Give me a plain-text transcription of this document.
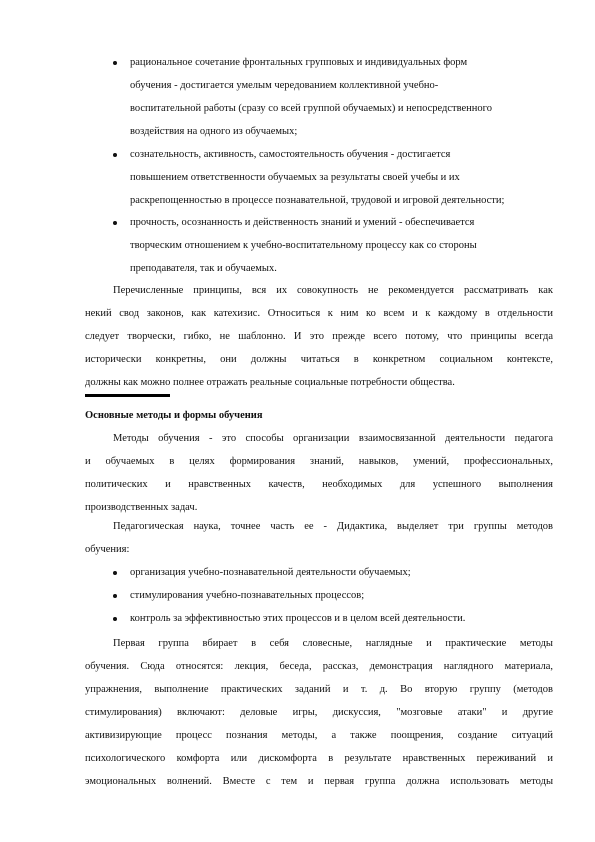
рациональное сочетание фронтальных групповых и индивидуальных форм
обучения - достигается умелым чередованием коллективной учебно-
воспитательной работы (сразу со всей группой обучаемых) и непосредственного
воздействия на одного из обучаемых;
сознательность, активность, самостоятельность обучения - достигается
повышением ответственности обучаемых за результаты своей учебы и их
раскрепощенностью в процессе познавательной, трудовой и игровой деятельности;
прочность, осознанность и действенность знаний и умений - обеспечивается
творческим отношением к учебно-воспитательному процессу как со стороны
преподавателя, так и обучаемых.
Перечисленные принципы, вся их совокупность не рекомендуется рассматривать как
некий свод законов, как катехизис. Относиться к ним ко всем и к каждому в отдельности
следует творчески, гибко, не шаблонно. И это прежде всего потому, что принципы всегда
исторически конкретны, они должны читаться в конкретном социальном контексте,
должны как можно полнее отражать реальные социальные потребности общества.
Основные методы и формы обучения
Методы обучения - это способы организации взаимосвязанной деятельности педагога
и обучаемых в целях формирования знаний, навыков, умений, профессиональных,
политических и нравственных качеств, необходимых для успешного выполнения
производственных задач.
Педагогическая наука, точнее часть ее - Дидактика, выделяет три группы методов
обучения:
организация учебно-познавательной деятельности обучаемых;
стимулирования учебно-познавательных процессов;
контроль за эффективностью этих процессов и в целом всей деятельности.
Первая группа вбирает в себя словесные, наглядные и практические методы
обучения. Сюда относятся: лекция, беседа, рассказ, демонстрация наглядного материала,
упражнения, выполнение практических заданий и т. д. Во вторую группу (методов
стимулирования) включают: деловые игры, дискуссия, "мозговые атаки" и другие
активизирующие процесс познания методы, а также поощрения, создание ситуаций
психологического комфорта или дискомфорта в результате нравственных переживаний и
эмоциональных волнений. Вместе с тем и первая группа должна использовать методы
